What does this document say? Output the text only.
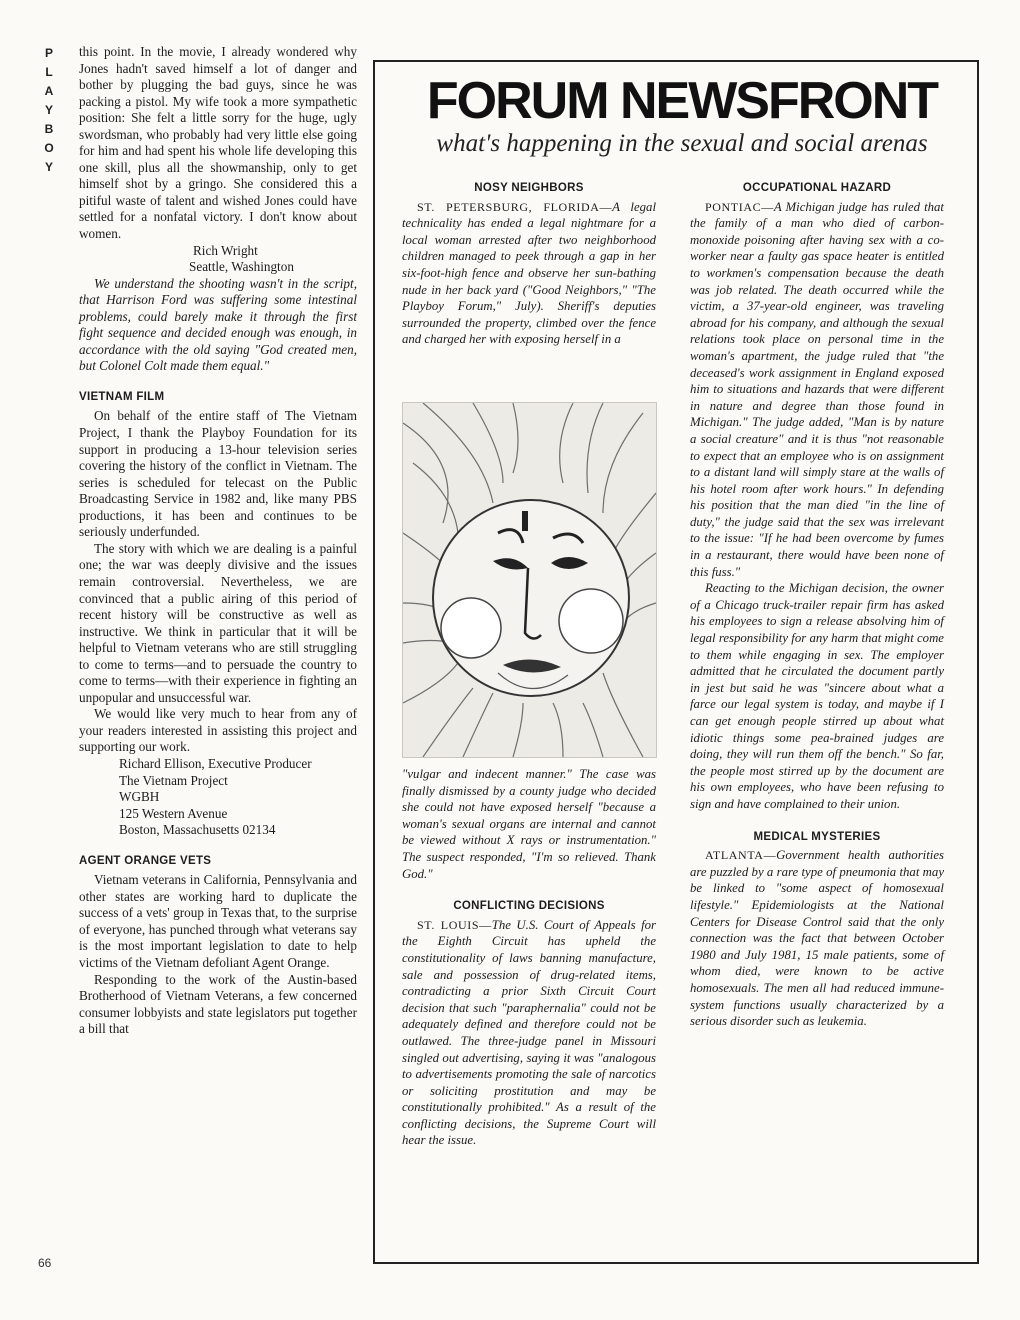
P
L
A
Y
B
O
Y
66

this point. In the movie, I already wondered why Jones hadn't saved himself a lot of danger and bother by plugging the bad guys, since he was packing a pistol. My wife took a more sympathetic position: She felt a little sorry for the huge, ugly swordsman, who probably had very little else going for him and had spent his whole life developing this one skill, plus all the showmanship, only to get himself shot by a gringo. She considered this a pitiful waste of talent and wished Jones could have settled for a nonfatal victory. I don't know about women.

Rich Wright

Seattle, Washington

We understand the shooting wasn't in the script, that Harrison Ford was suffering some intestinal problems, could barely make it through the first fight sequence and decided enough was enough, in accordance with the old saying "God created men, but Colonel Colt made them equal."

VIETNAM FILM

On behalf of the entire staff of The Vietnam Project, I thank the Playboy Foundation for its support in producing a 13-hour television series covering the history of the conflict in Vietnam. The series is scheduled for telecast on the Public Broadcasting Service in 1982 and, like many PBS productions, it has been and continues to be seriously underfunded.

The story with which we are dealing is a painful one; the war was deeply divisive and the issues remain controversial. Nevertheless, we are convinced that a public airing of this period of recent history will be constructive as well as instructive. We think in particular that it will be helpful to Vietnam veterans who are still struggling to come to terms—and to persuade the country to come to terms—with their experience in fighting an unpopular and unsuccessful war.

We would like very much to hear from any of your readers interested in assisting this project and supporting our work.

Richard Ellison, Executive Producer

The Vietnam Project

WGBH

125 Western Avenue

Boston, Massachusetts 02134

AGENT ORANGE VETS

Vietnam veterans in California, Pennsylvania and other states are working hard to duplicate the success of a vets' group in Texas that, to the surprise of everyone, has punched through what veterans say is the most important legislation to date to help victims of the Vietnam defoliant Agent Orange.

Responding to the work of the Austin-based Brotherhood of Vietnam Veterans, a few concerned consumer lobbyists and state legislators put together a bill that

FORUM NEWSFRONT
what's happening in the sexual and social arenas
NOSY NEIGHBORS

ST. PETERSBURG, FLORIDA—A legal technicality has ended a legal nightmare for a local woman arrested after two neighborhood children managed to peek through a gap in her six-foot-high fence and observe her sun-bathing nude in her back yard ("Good Neighbors," "The Playboy Forum," July). Sheriff's deputies surrounded the property, climbed over the fence and charged her with exposing herself in a

"vulgar and indecent manner." The case was finally dismissed by a county judge who decided she could not have exposed herself "because a woman's sexual organs are internal and cannot be viewed without X rays or instrumentation." The suspect responded, "I'm so relieved. Thank God."

CONFLICTING DECISIONS

ST. LOUIS—The U.S. Court of Appeals for the Eighth Circuit has upheld the constitutionality of laws banning manufacture, sale and possession of drug-related items, contradicting a prior Sixth Circuit Court decision that such "paraphernalia" could not be adequately defined and therefore could not be outlawed. The three-judge panel in Missouri singled out advertising, saying it was "analogous to advertisements promoting the sale of narcotics or soliciting prostitution and may be constitutionally prohibited." As a result of the conflicting decisions, the Supreme Court will hear the issue.

OCCUPATIONAL HAZARD

PONTIAC—A Michigan judge has ruled that the family of a man who died of carbon-monoxide poisoning after having sex with a co-worker near a faulty gas space heater is entitled to workmen's compensation because the death was job related. The death occurred while the victim, a 37-year-old engineer, was traveling abroad for his company, and although the sexual relations took place on personal time in the woman's apartment, the judge ruled that "the deceased's work assignment in England exposed him to situations and hazards that were different in nature and degree than those found in Michigan." The judge added, "Man is by nature a social creature" and it is thus "not reasonable to expect that an employee who is on assignment to a distant land will simply stare at the walls of his hotel room after work hours." In defending his position that the man died "in the line of duty," the judge said that the sex was irrelevant to the issue: "If he had been overcome by fumes in a restaurant, there would have been none of this fuss."

Reacting to the Michigan decision, the owner of a Chicago truck-trailer repair firm has asked his employees to sign a release absolving him of legal responsibility for any harm that might come to them while engaging in sex. The employer admitted that he circulated the document partly in jest but said he was "sincere about what a farce our legal system is today, and maybe if I can get enough people stirred up about what idiotic things some pea-brained judges are doing, they will run them off the bench." So far, the people most stirred up by the document are his own employees, who have been refusing to sign and have complained to their union.

MEDICAL MYSTERIES

ATLANTA—Government health authorities are puzzled by a rare type of pneumonia that may be linked to "some aspect of homosexual lifestyle." Epidemiologists at the National Centers for Disease Control said that the only connection was the fact that between October 1980 and July 1981, 15 male patients, some of whom died, were known to be active homosexuals. The men all had reduced immune-system functions usually characterized by a serious disorder such as leukemia.
